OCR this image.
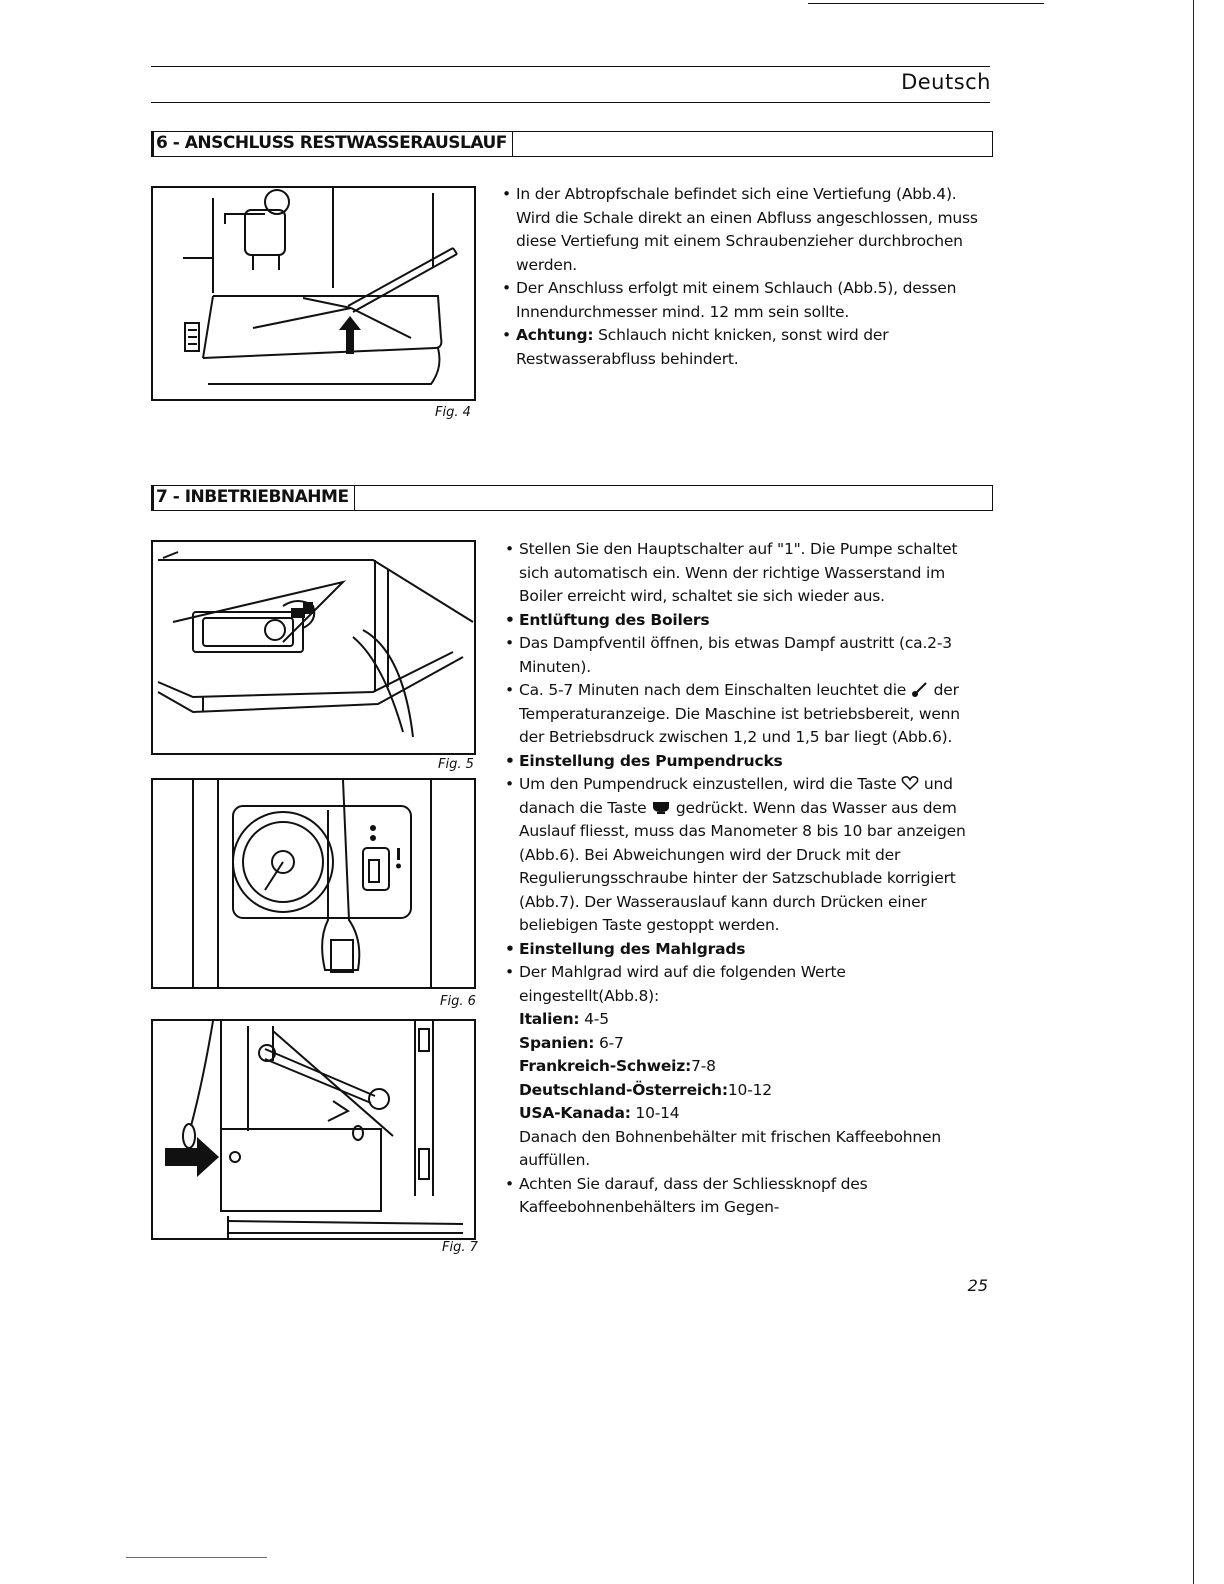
Deutsch
6 - ANSCHLUSS RESTWASSERAUSLAUF
Fig. 4

• In der Abtropfschale befindet sich eine Vertiefung (Abb.4). Wird die Schale direkt an einen Abfluss angeschlossen, muss diese Vertiefung mit einem Schraubenzieher durchbrochen werden.

• Der Anschluss erfolgt mit einem Schlauch (Abb.5), dessen Innendurchmesser mind. 12 mm sein sollte.

• Achtung: Schlauch nicht knicken, sonst wird der Restwasserabfluss behindert.

7 - INBETRIEBNAHME
Fig. 5
Fig. 6
Fig. 7

• Stellen Sie den Hauptschalter auf "1". Die Pumpe schaltet sich automatisch ein. Wenn der richtige Wasserstand im Boiler erreicht wird, schaltet sie sich wieder aus.

• Entlüftung des Boilers

• Das Dampfventil öffnen, bis etwas Dampf austritt (ca.2-3 Minuten).

• Ca. 5-7 Minuten nach dem Einschalten leuchtet die der Temperaturanzeige. Die Maschine ist betriebsbereit, wenn der Betriebsdruck zwischen 1,2 und 1,5 bar liegt (Abb.6).

• Einstellung des Pumpendrucks

• Um den Pumpendruck einzustellen, wird die Taste und danach die Taste gedrückt. Wenn das Wasser aus dem Auslauf fliesst, muss das Manometer 8 bis 10 bar anzeigen (Abb.6). Bei Abweichungen wird der Druck mit der Regulierungsschraube hinter der Satzschublade korrigiert (Abb.7). Der Wasserauslauf kann durch Drücken einer beliebigen Taste gestoppt werden.

• Einstellung des Mahlgrads

• Der Mahlgrad wird auf die folgenden Werte eingestellt(Abb.8):

Italien: 4-5

Spanien: 6-7

Frankreich-Schweiz:7-8

Deutschland-Österreich:10-12

USA-Kanada: 10-14

Danach den Bohnenbehälter mit frischen Kaffeebohnen auffüllen.

• Achten Sie darauf, dass der Schliessknopf des Kaffeebohnenbehälters im Gegen-

25
